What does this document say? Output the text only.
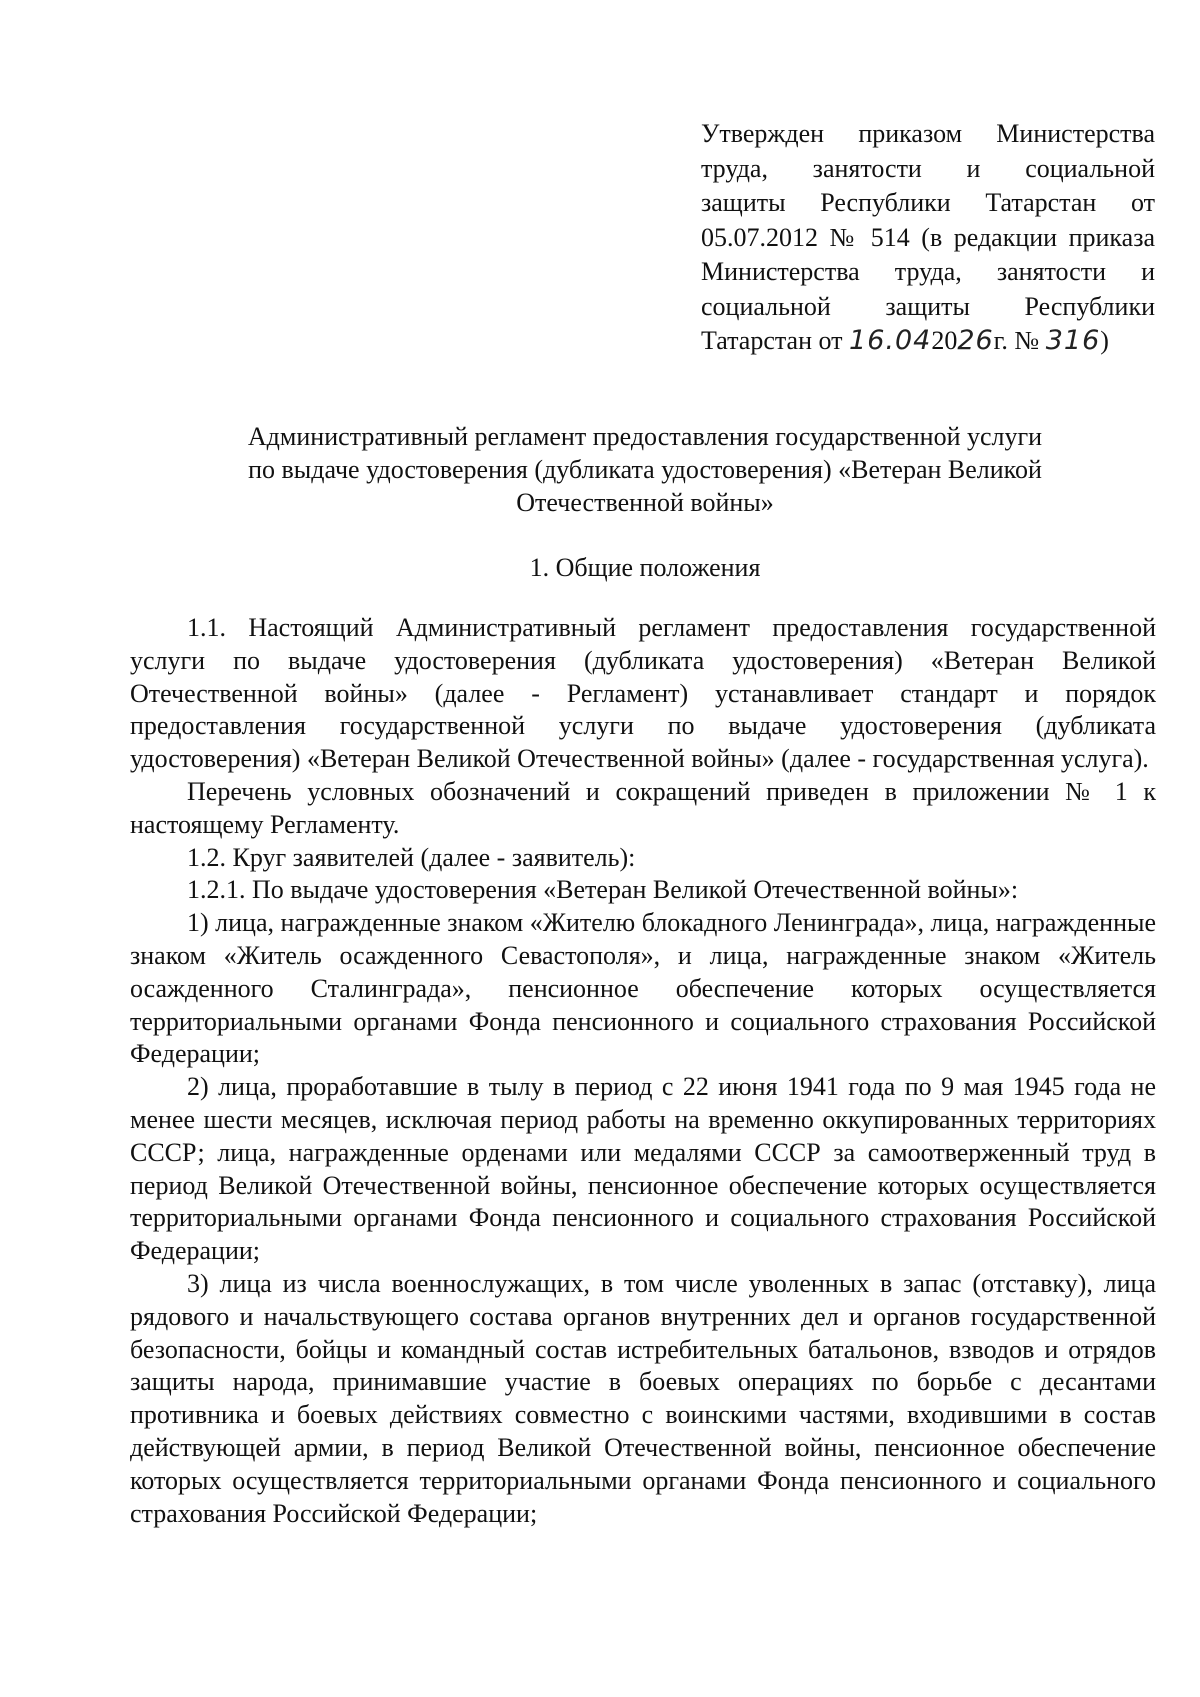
Утвержден приказом Министерства
труда, занятости и социальной
защиты Республики Татарстан от
05.07.2012 № 514 (в редакции приказа
Министерства труда, занятости и
социальной защиты Республики
Татарстан от 16.042026г. № 316)
Административный регламент предоставления государственной услуги
по выдаче удостоверения (дубликата удостоверения) «Ветеран Великой
Отечественной войны»
1. Общие положения

1.1. Настоящий Административный регламент предоставления государственной услуги по выдаче удостоверения (дубликата удостоверения) «Ветеран Великой Отечественной войны» (далее - Регламент) устанавливает стандарт и порядок предоставления государственной услуги по выдаче удостоверения (дубликата удостоверения) «Ветеран Великой Отечественной войны» (далее - государственная услуга).

Перечень условных обозначений и сокращений приведен в приложении № 1 к настоящему Регламенту.

1.2. Круг заявителей (далее - заявитель):

1.2.1. По выдаче удостоверения «Ветеран Великой Отечественной войны»:

1) лица, награжденные знаком «Жителю блокадного Ленинграда», лица, награжденные знаком «Житель осажденного Севастополя», и лица, награжденные знаком «Житель осажденного Сталинграда», пенсионное обеспечение которых осуществляется территориальными органами Фонда пенсионного и социального страхования Российской Федерации;

2) лица, проработавшие в тылу в период с 22 июня 1941 года по 9 мая 1945 года не менее шести месяцев, исключая период работы на временно оккупированных территориях СССР; лица, награжденные орденами или медалями СССР за самоотверженный труд в период Великой Отечественной войны, пенсионное обеспечение которых осуществляется территориальными органами Фонда пенсионного и социального страхования Российской Федерации;

3) лица из числа военнослужащих, в том числе уволенных в запас (отставку), лица рядового и начальствующего состава органов внутренних дел и органов государственной безопасности, бойцы и командный состав истребительных батальонов, взводов и отрядов защиты народа, принимавшие участие в боевых операциях по борьбе с десантами противника и боевых действиях совместно с воинскими частями, входившими в состав действующей армии, в период Великой Отечественной войны, пенсионное обеспечение которых осуществляется территориальными органами Фонда пенсионного и социального страхования Российской Федерации;
